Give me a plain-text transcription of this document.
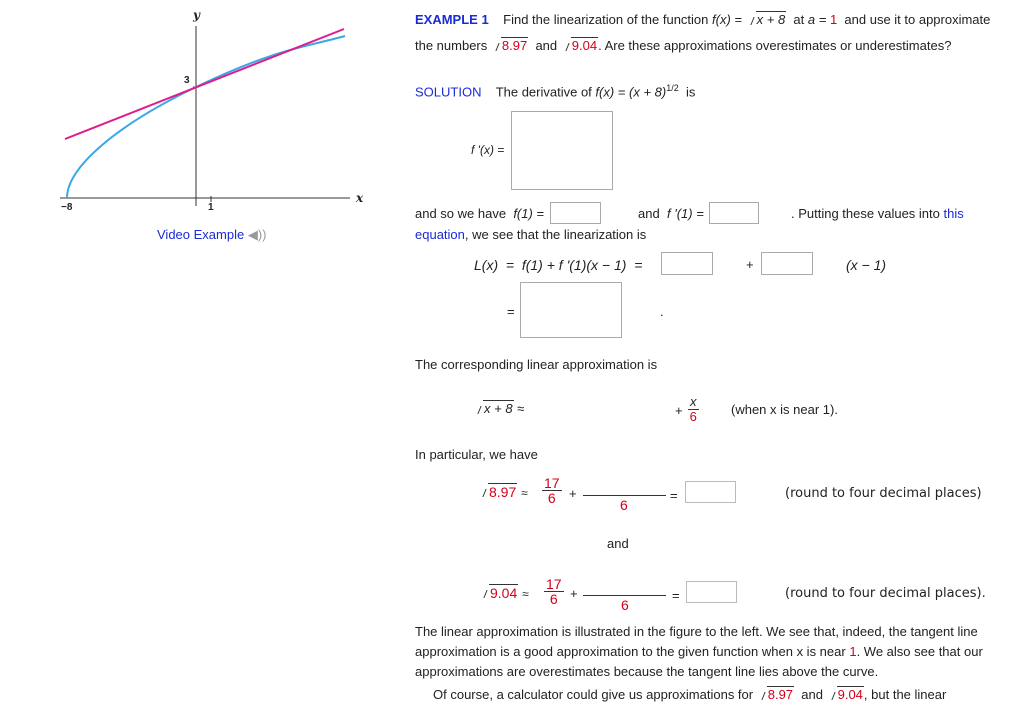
y
x
3
−8	1
Video Example ◀))
EXAMPLE 1 Find the linearization of the function f(x) = x + 8 at a = 1 and use it to approximate
the numbers 8.97 and 9.04. Are these approximations overestimates or underestimates?
SOLUTION The derivative of $f(x) = (x + 8)^{1/2}$ is
f '(x) =
and so we have f(1) =	and f '(1) =	. Putting these values into this
equation, we see that the linearization is
L(x)  =  f(1) + f '(1)(x − 1)  =	+	(x − 1)
=	.
The corresponding linear approximation is
x + 8 ≈	+ $\frac{x}{6}$	(when x is near 1).
In particular, we have
$8.97 \approx \frac{17}{6}$ +
6
=	(round to four decimal places)
and
$9.04 \approx \frac{17}{6}$ +
6
=	(round to four decimal places).
The linear approximation is illustrated in the figure to the left. We see that, indeed, the tangent line
approximation is a good approximation to the given function when x is near 1. We also see that our
approximations are overestimates because the tangent line lies above the curve.
Of course, a calculator could give us approximations for 8.97 and 9.04, but the linear
